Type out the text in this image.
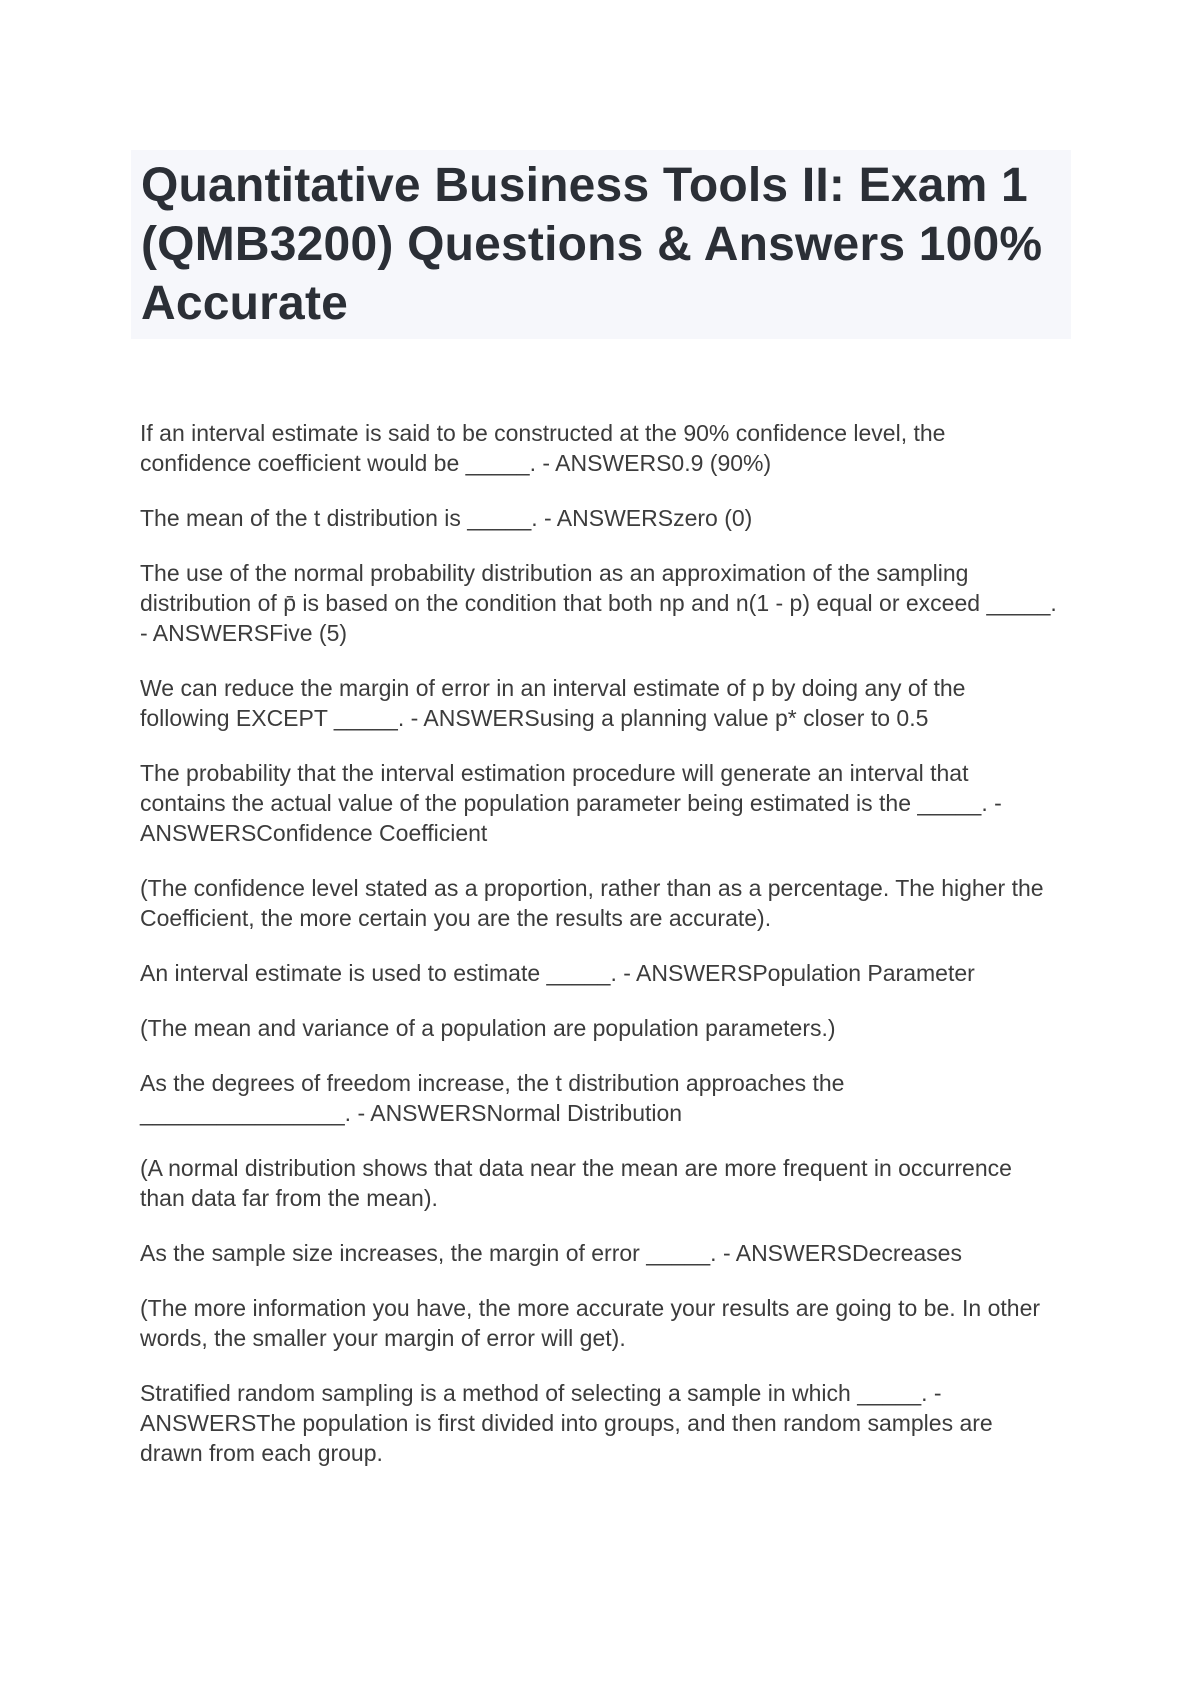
Quantitative Business Tools II: Exam 1 (QMB3200) Questions & Answers 100% Accurate

If an interval estimate is said to be constructed at the 90% confidence level, the confidence coefficient would be _____. - ANSWERS0.9 (90%)

The mean of the t distribution is _____. - ANSWERSzero (0)

The use of the normal probability distribution as an approximation of the sampling distribution of p̄ is based on the condition that both np and n(1 - p) equal or exceed _____. - ANSWERSFive (5)

We can reduce the margin of error in an interval estimate of p by doing any of the following EXCEPT _____. - ANSWERSusing a planning value p* closer to 0.5

The probability that the interval estimation procedure will generate an interval that contains the actual value of the population parameter being estimated is the _____. - ANSWERSConfidence Coefficient

(The confidence level stated as a proportion, rather than as a percentage. The higher the Coefficient, the more certain you are the results are accurate).

An interval estimate is used to estimate _____. - ANSWERSPopulation Parameter

(The mean and variance of a population are population parameters.)

As the degrees of freedom increase, the t distribution approaches the ________________. - ANSWERSNormal Distribution

(A normal distribution shows that data near the mean are more frequent in occurrence than data far from the mean).

As the sample size increases, the margin of error _____. - ANSWERSDecreases

(The more information you have, the more accurate your results are going to be. In other words, the smaller your margin of error will get).

Stratified random sampling is a method of selecting a sample in which _____. - ANSWERSThe population is first divided into groups, and then random samples are drawn from each group.
